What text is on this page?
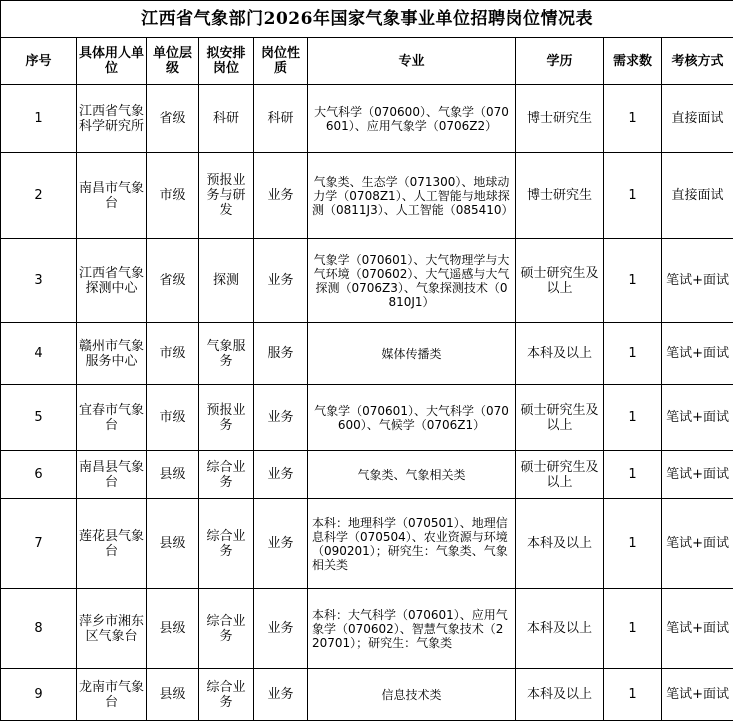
江西省气象部门2026年国家气象事业单位招聘岗位情况表								
序号	具体用人单位	单位层级	拟安排岗位	岗位性质	专业	学历	需求数	考核方式
1	江西省气象科学研究所	省级	科研	科研	大气科学（070600）、气象学（070601）、应用气象学（0706Z2）	博士研究生	1	直接面试
2	南昌市气象台	市级	预报业务与研发	业务	气象类、生态学（071300）、地球动力学（0708Z1）、人工智能与地球探测（0811J3）、人工智能（085410）	博士研究生	1	直接面试
3	江西省气象探测中心	省级	探测	业务	气象学（070601）、大气物理学与大气环境（070602）、大气遥感与大气探测（0706Z3）、气象探测技术（0810J1）	硕士研究生及以上	1	笔试+面试
4	赣州市气象服务中心	市级	气象服务	服务	媒体传播类	本科及以上	1	笔试+面试
5	宜春市气象台	市级	预报业务	业务	气象学（070601）、大气科学（070600）、气候学（0706Z1）	硕士研究生及以上	1	笔试+面试
6	南昌县气象台	县级	综合业务	业务	气象类、气象相关类	硕士研究生及以上	1	笔试+面试
7	莲花县气象台	县级	综合业务	业务	本科：地理科学（070501）、地理信息科学（070504）、农业资源与环境（090201）；研究生：气象类、气象相关类	本科及以上	1	笔试+面试
8	萍乡市湘东区气象台	县级	综合业务	业务	本科：大气科学（070601）、应用气象学（070602）、智慧气象技术（220701）；研究生：气象类	本科及以上	1	笔试+面试
9	龙南市气象台	县级	综合业务	业务	信息技术类	本科及以上	1	笔试+面试
